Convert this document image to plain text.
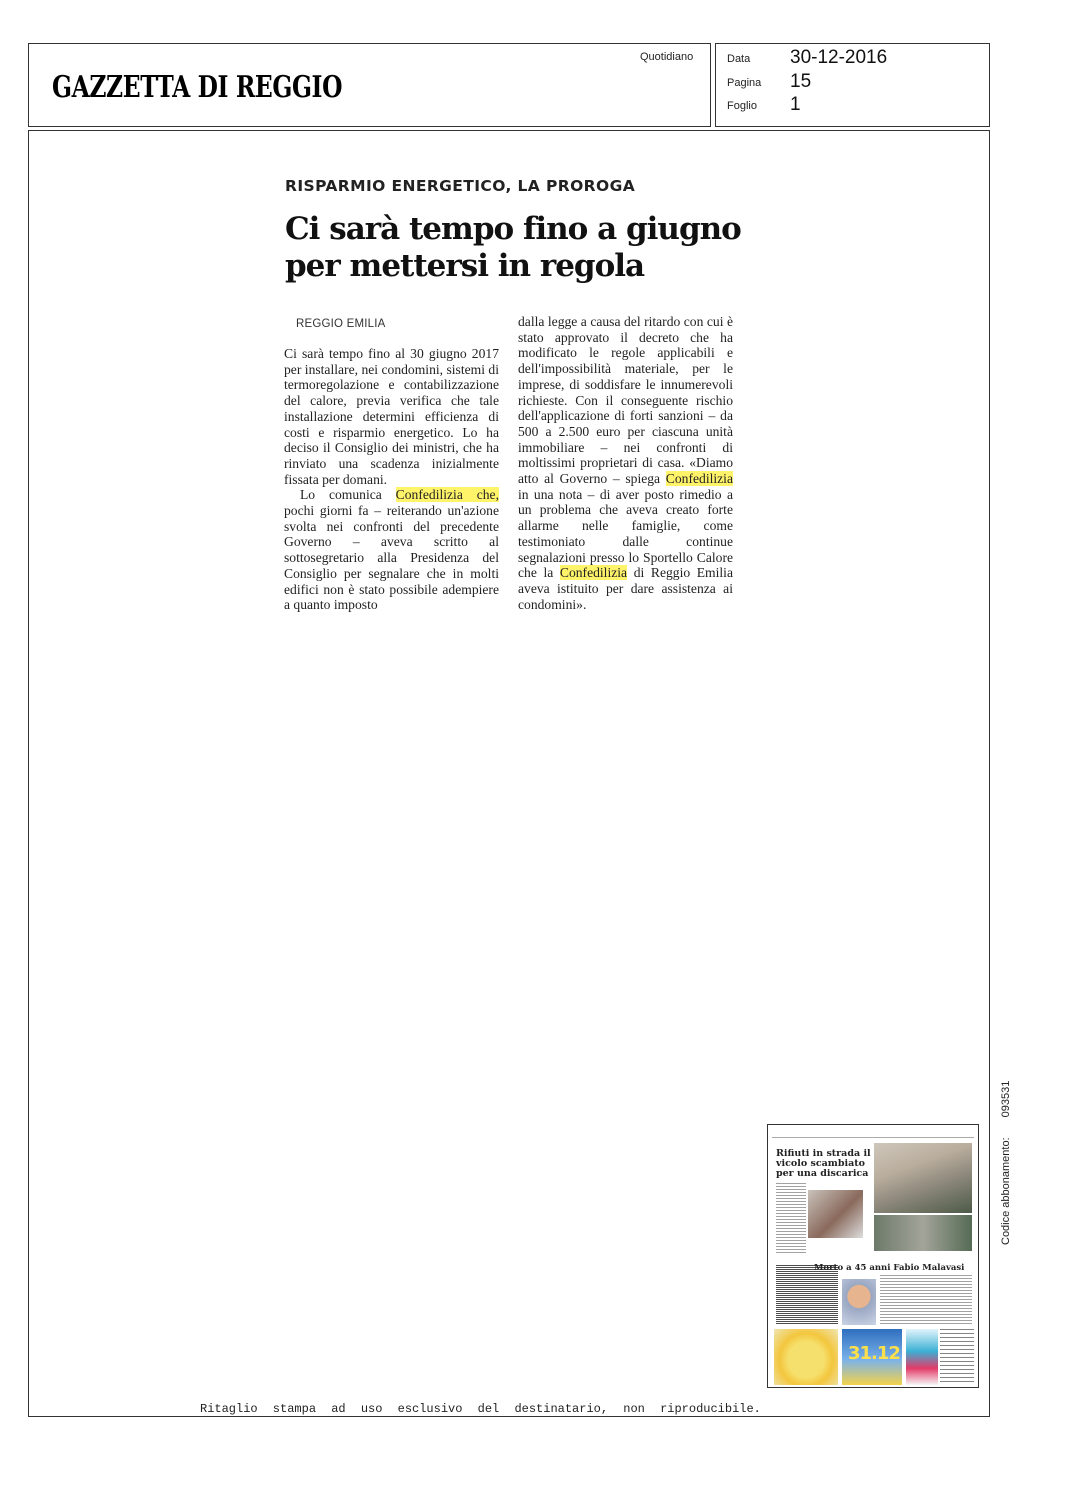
GAZZETTA DI REGGIO
Quotidiano	Data 30-12-2016
Pagina 15
Foglio 1
RISPARMIO ENERGETICO, LA PROROGA
Ci sarà tempo fino a giugno per mettersi in regola
REGGIO EMILIA

Ci sarà tempo fino al 30 giugno 2017 per installare, nei condomini, sistemi di termoregolazione e contabilizzazione del calore, previa verifica che tale installazione determini efficienza di costi e risparmio energetico. Lo ha deciso il Consiglio dei ministri, che ha rinviato una scadenza inizialmente fissata per domani.

Lo comunica Confedilizia che, pochi giorni fa – reiterando un'azione svolta nei confronti del precedente Governo – aveva scritto al sottosegretario alla Presidenza del Consiglio per segnalare che in molti edifici non è stato possibile adempiere a quanto imposto

dalla legge a causa del ritardo con cui è stato approvato il decreto che ha modificato le regole applicabili e dell'impossibilità materiale, per le imprese, di soddisfare le innumerevoli richieste. Con il conseguente rischio dell'applicazione di forti sanzioni – da 500 a 2.500 euro per ciascuna unità immobiliare – nei confronti di moltissimi proprietari di casa. «Diamo atto al Governo – spiega Confedilizia in una nota – di aver posto rimedio a un problema che aveva creato forte allarme nelle famiglie, come testimoniato dalle continue segnalazioni presso lo Sportello Calore che la Confedilizia di Reggio Emilia aveva istituito per dare assistenza ai condomini».

Rifiuti in strada il vicolo scambiato per una discarica
Morto a 45 anni Fabio Malavasi
31.12
Codice abbonamento:093531
Ritaglio stampa ad uso esclusivo del destinatario, non riproducibile.
